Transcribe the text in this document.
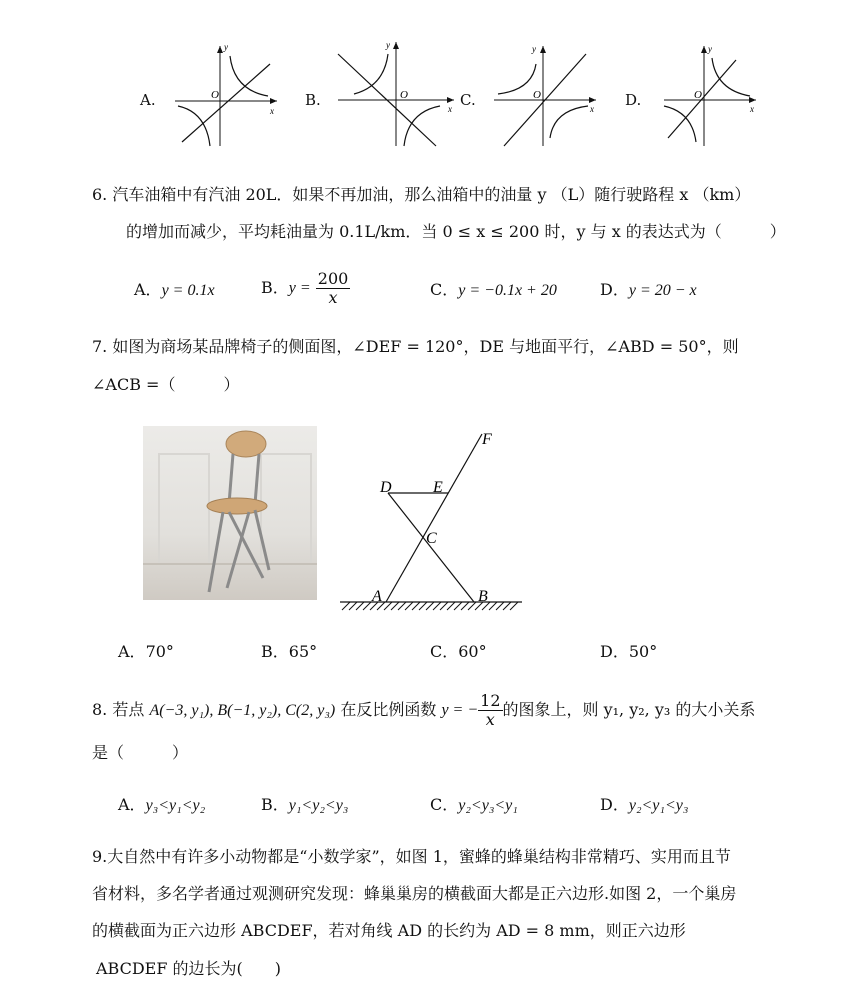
A.	O
x
y
B.	O
x
y
C.	O
x
y
D.	O
x
y
6. 汽车油箱中有汽油 20L．如果不再加油，那么油箱中的油量 y （L）随行驶路程 x （km）
的增加而减少，平均耗油量为 0.1L/km．当 0 ≤ x ≤ 200 时，y 与 x 的表达式为（　　　）
A．y = 0.1x	B．$y = \frac{200}{x}$	C．y = −0.1x + 20	D．y = 20 − x
7. 如图为商场某品牌椅子的侧面图，∠DEF = 120°，DE 与地面平行，∠ABD = 50°，则
∠ACB =（　　　）
D	E
F
C
A	B
A．70°	B．65°	C．60°	D．50°
8. 若点 A(−3, y₁), B(−1, y₂), C(2, y₃) 在反比例函数 y = − $\frac{12}{x}$ 的图象上，则 y₁, y₂, y₃ 的大小关系
是（　　　）
A．y₃<y₁<y₂	B．y₁<y₂<y₃	C．y₂<y₃<y₁	D．y₂<y₁<y₃
9.大自然中有许多小动物都是“小数学家”，如图 1，蜜蜂的蜂巢结构非常精巧、实用而且节
省材料，多名学者通过观测研究发现：蜂巢巢房的横截面大都是正六边形.如图 2，一个巢房
的横截面为正六边形 ABCDEF，若对角线 AD 的长约为 AD = 8 mm，则正六边形
ABCDEF 的边长为(　　)
